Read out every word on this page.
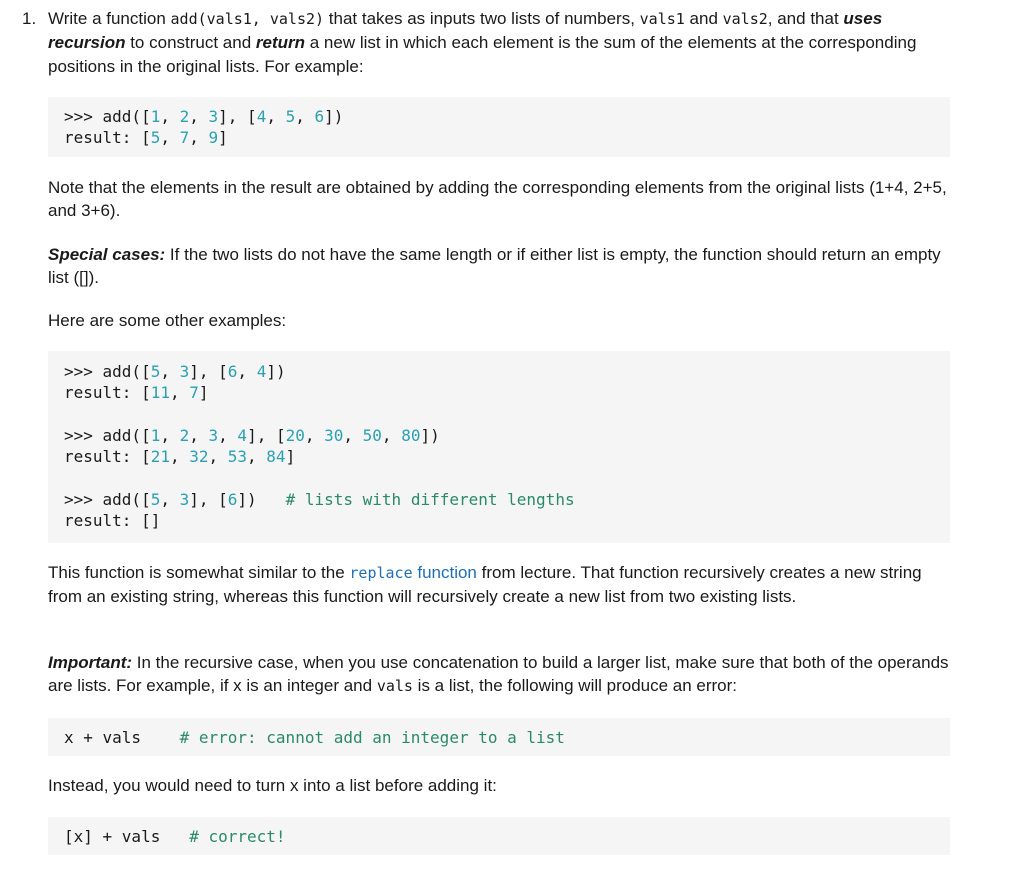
1. Write a function add(vals1, vals2) that takes as inputs two lists of numbers, vals1 and vals2, and that uses recursion to construct and return a new list in which each element is the sum of the elements at the corresponding positions in the original lists. For example:

>>> add([1, 2, 3], [4, 5, 6])
result: [5, 7, 9]

Note that the elements in the result are obtained by adding the corresponding elements from the original lists (1+4, 2+5, and 3+6).

Special cases: If the two lists do not have the same length or if either list is empty, the function should return an empty list ([]).

Here are some other examples:

>>> add([5, 3], [6, 4])
result: [11, 7]
>>> add([1, 2, 3, 4], [20, 30, 50, 80])
result: [21, 32, 53, 84]
>>> add([5, 3], [6])   # lists with different lengths
result: []

This function is somewhat similar to the replace function from lecture. That function recursively creates a new string from an existing string, whereas this function will recursively create a new list from two existing lists.

Important: In the recursive case, when you use concatenation to build a larger list, make sure that both of the operands are lists. For example, if x is an integer and vals is a list, the following will produce an error:

x + vals    # error: cannot add an integer to a list

Instead, you would need to turn x into a list before adding it:

[x] + vals   # correct!
